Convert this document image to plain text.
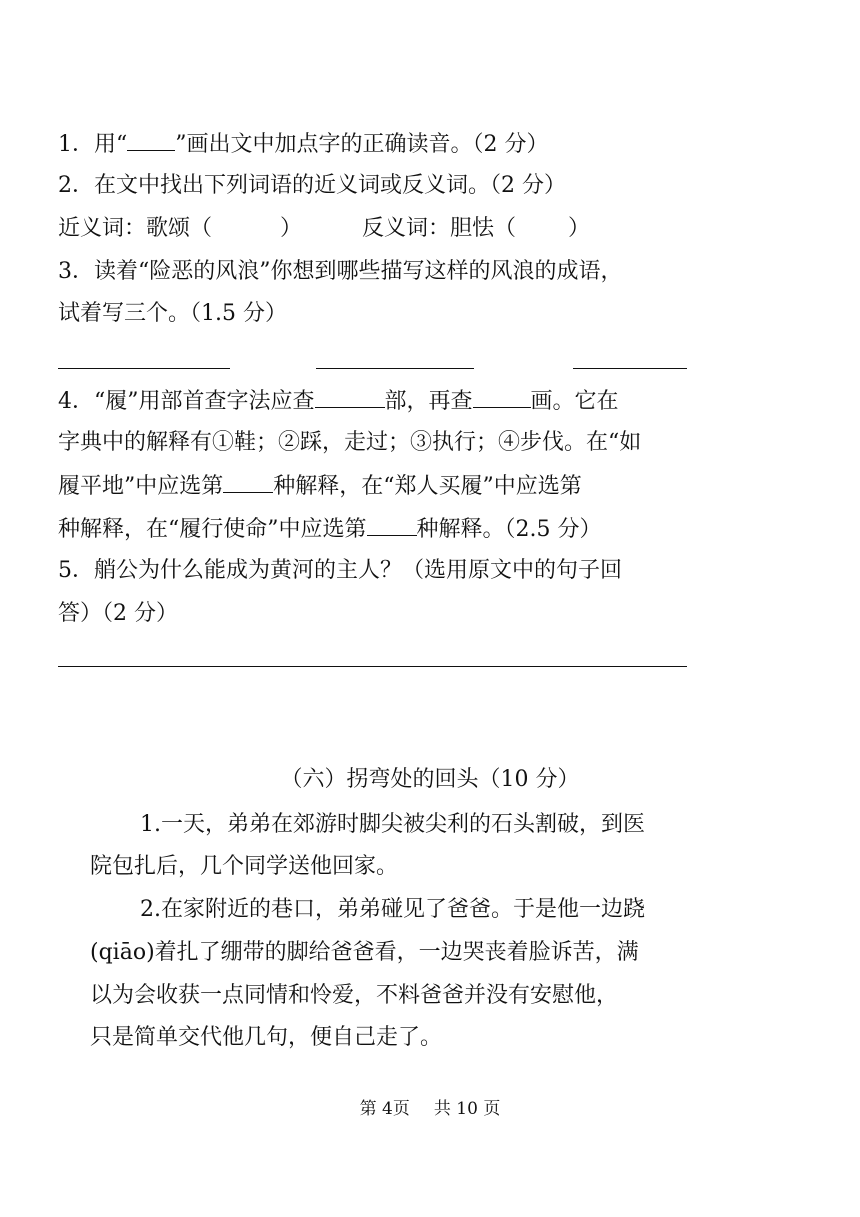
1．用“ ”画出文中加点字的正确读音。（2 分）
2．在文中找出下列词语的近义词或反义词。（2 分）
近义词：歌颂（	）	反义词：胆怯（ ）
3．读着“险恶的风浪”你想到哪些描写这样的风浪的成语，
试着写三个。（1.5 分）
4．“履”用部首查字法应查	部，再查	画。它在
字典中的解释有①鞋；②踩，走过；③执行；④步伐。在“如
履平地”中应选第 种解释，在“郑人买履”中应选第
种解释，在“履行使命”中应选第 种解释。（2.5 分）
5．艄公为什么能成为黄河的主人？（选用原文中的句子回
答）（2 分）
（六）拐弯处的回头（10 分）
1.一天，弟弟在郊游时脚尖被尖利的石头割破，到医
院包扎后，几个同学送他回家。
2.在家附近的巷口，弟弟碰见了爸爸。于是他一边跷
(qiāo)着扎了绷带的脚给爸爸看，一边哭丧着脸诉苦，满
以为会收获一点同情和怜爱，不料爸爸并没有安慰他，
只是简单交代他几句，便自己走了。
第 4页 共 10 页
